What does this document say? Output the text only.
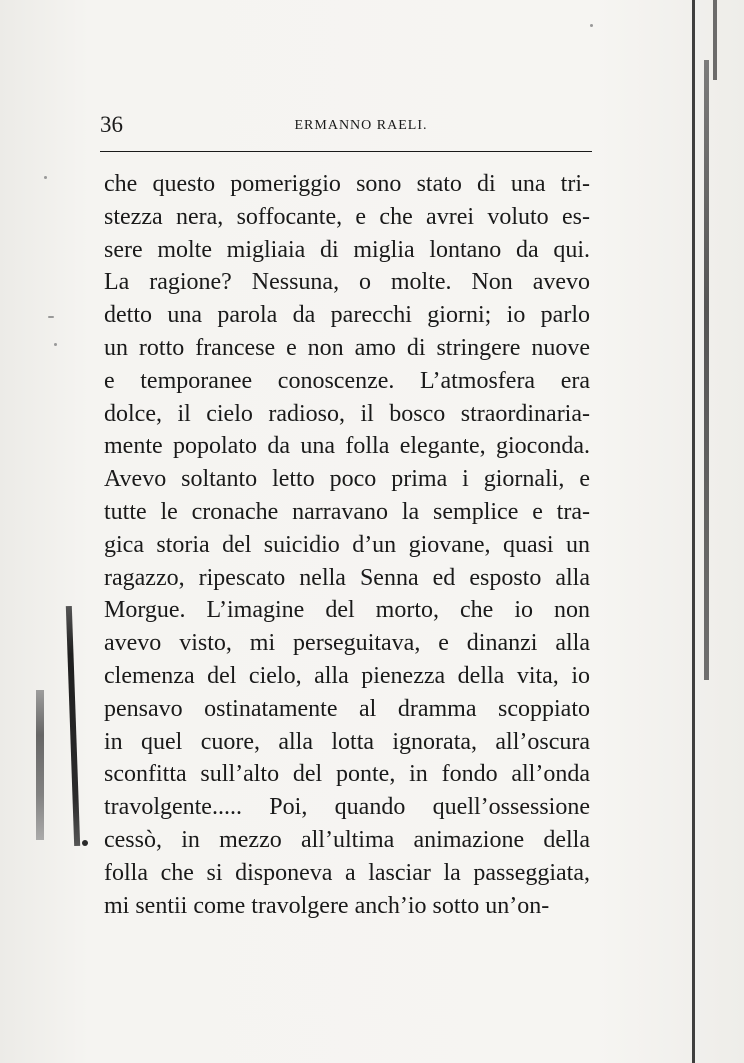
36	ERMANNO RAELI.
che questo pomeriggio sono stato di una tri-
stezza nera, soffocante, e che avrei voluto es-
sere molte migliaia di miglia lontano da qui.
La ragione? Nessuna, o molte. Non avevo
detto una parola da parecchi giorni; io parlo
un rotto francese e non amo di stringere nuove
e temporanee conoscenze. L’atmosfera era
dolce, il cielo radioso, il bosco straordinaria-
mente popolato da una folla elegante, gioconda.
Avevo soltanto letto poco prima i giornali, e
tutte le cronache narravano la semplice e tra-
gica storia del suicidio d’un giovane, quasi un
ragazzo, ripescato nella Senna ed esposto alla
Morgue. L’imagine del morto, che io non
avevo visto, mi perseguitava, e dinanzi alla
clemenza del cielo, alla pienezza della vita, io
pensavo ostinatamente al dramma scoppiato
in quel cuore, alla lotta ignorata, all’oscura
sconfitta sull’alto del ponte, in fondo all’onda
travolgente..... Poi, quando quell’ossessione
cessò, in mezzo all’ultima animazione della
folla che si disponeva a lasciar la passeggiata,
mi sentii come travolgere anch’io sotto un’on-
